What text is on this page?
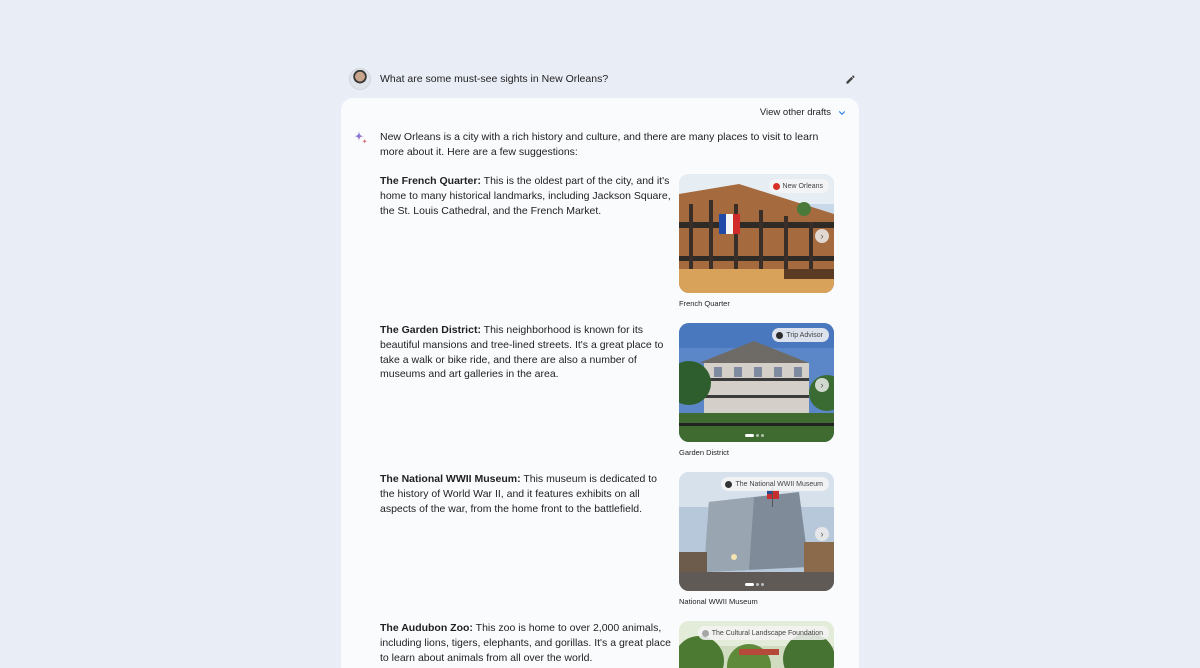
What are some must-see sights in New Orleans?
View other drafts

New Orleans is a city with a rich history and culture, and there are many places to visit to learn more about it. Here are a few suggestions:

The French Quarter: This is the oldest part of the city, and it's home to many historical landmarks, including Jackson Square, the St. Louis Cathedral, and the French Market.

New Orleans
›
French Quarter

The Garden District: This neighborhood is known for its beautiful mansions and tree-lined streets. It's a great place to take a walk or bike ride, and there are also a number of museums and art galleries in the area.

Trip Advisor
›
Garden District

The National WWII Museum: This museum is dedicated to the history of World War II, and it features exhibits on all aspects of the war, from the home front to the battlefield.

The National WWII Museum
›
National WWII Museum

The Audubon Zoo: This zoo is home to over 2,000 animals, including lions, tigers, elephants, and gorillas. It's a great place to learn about animals from all over the world.

The Cultural Landscape Foundation
